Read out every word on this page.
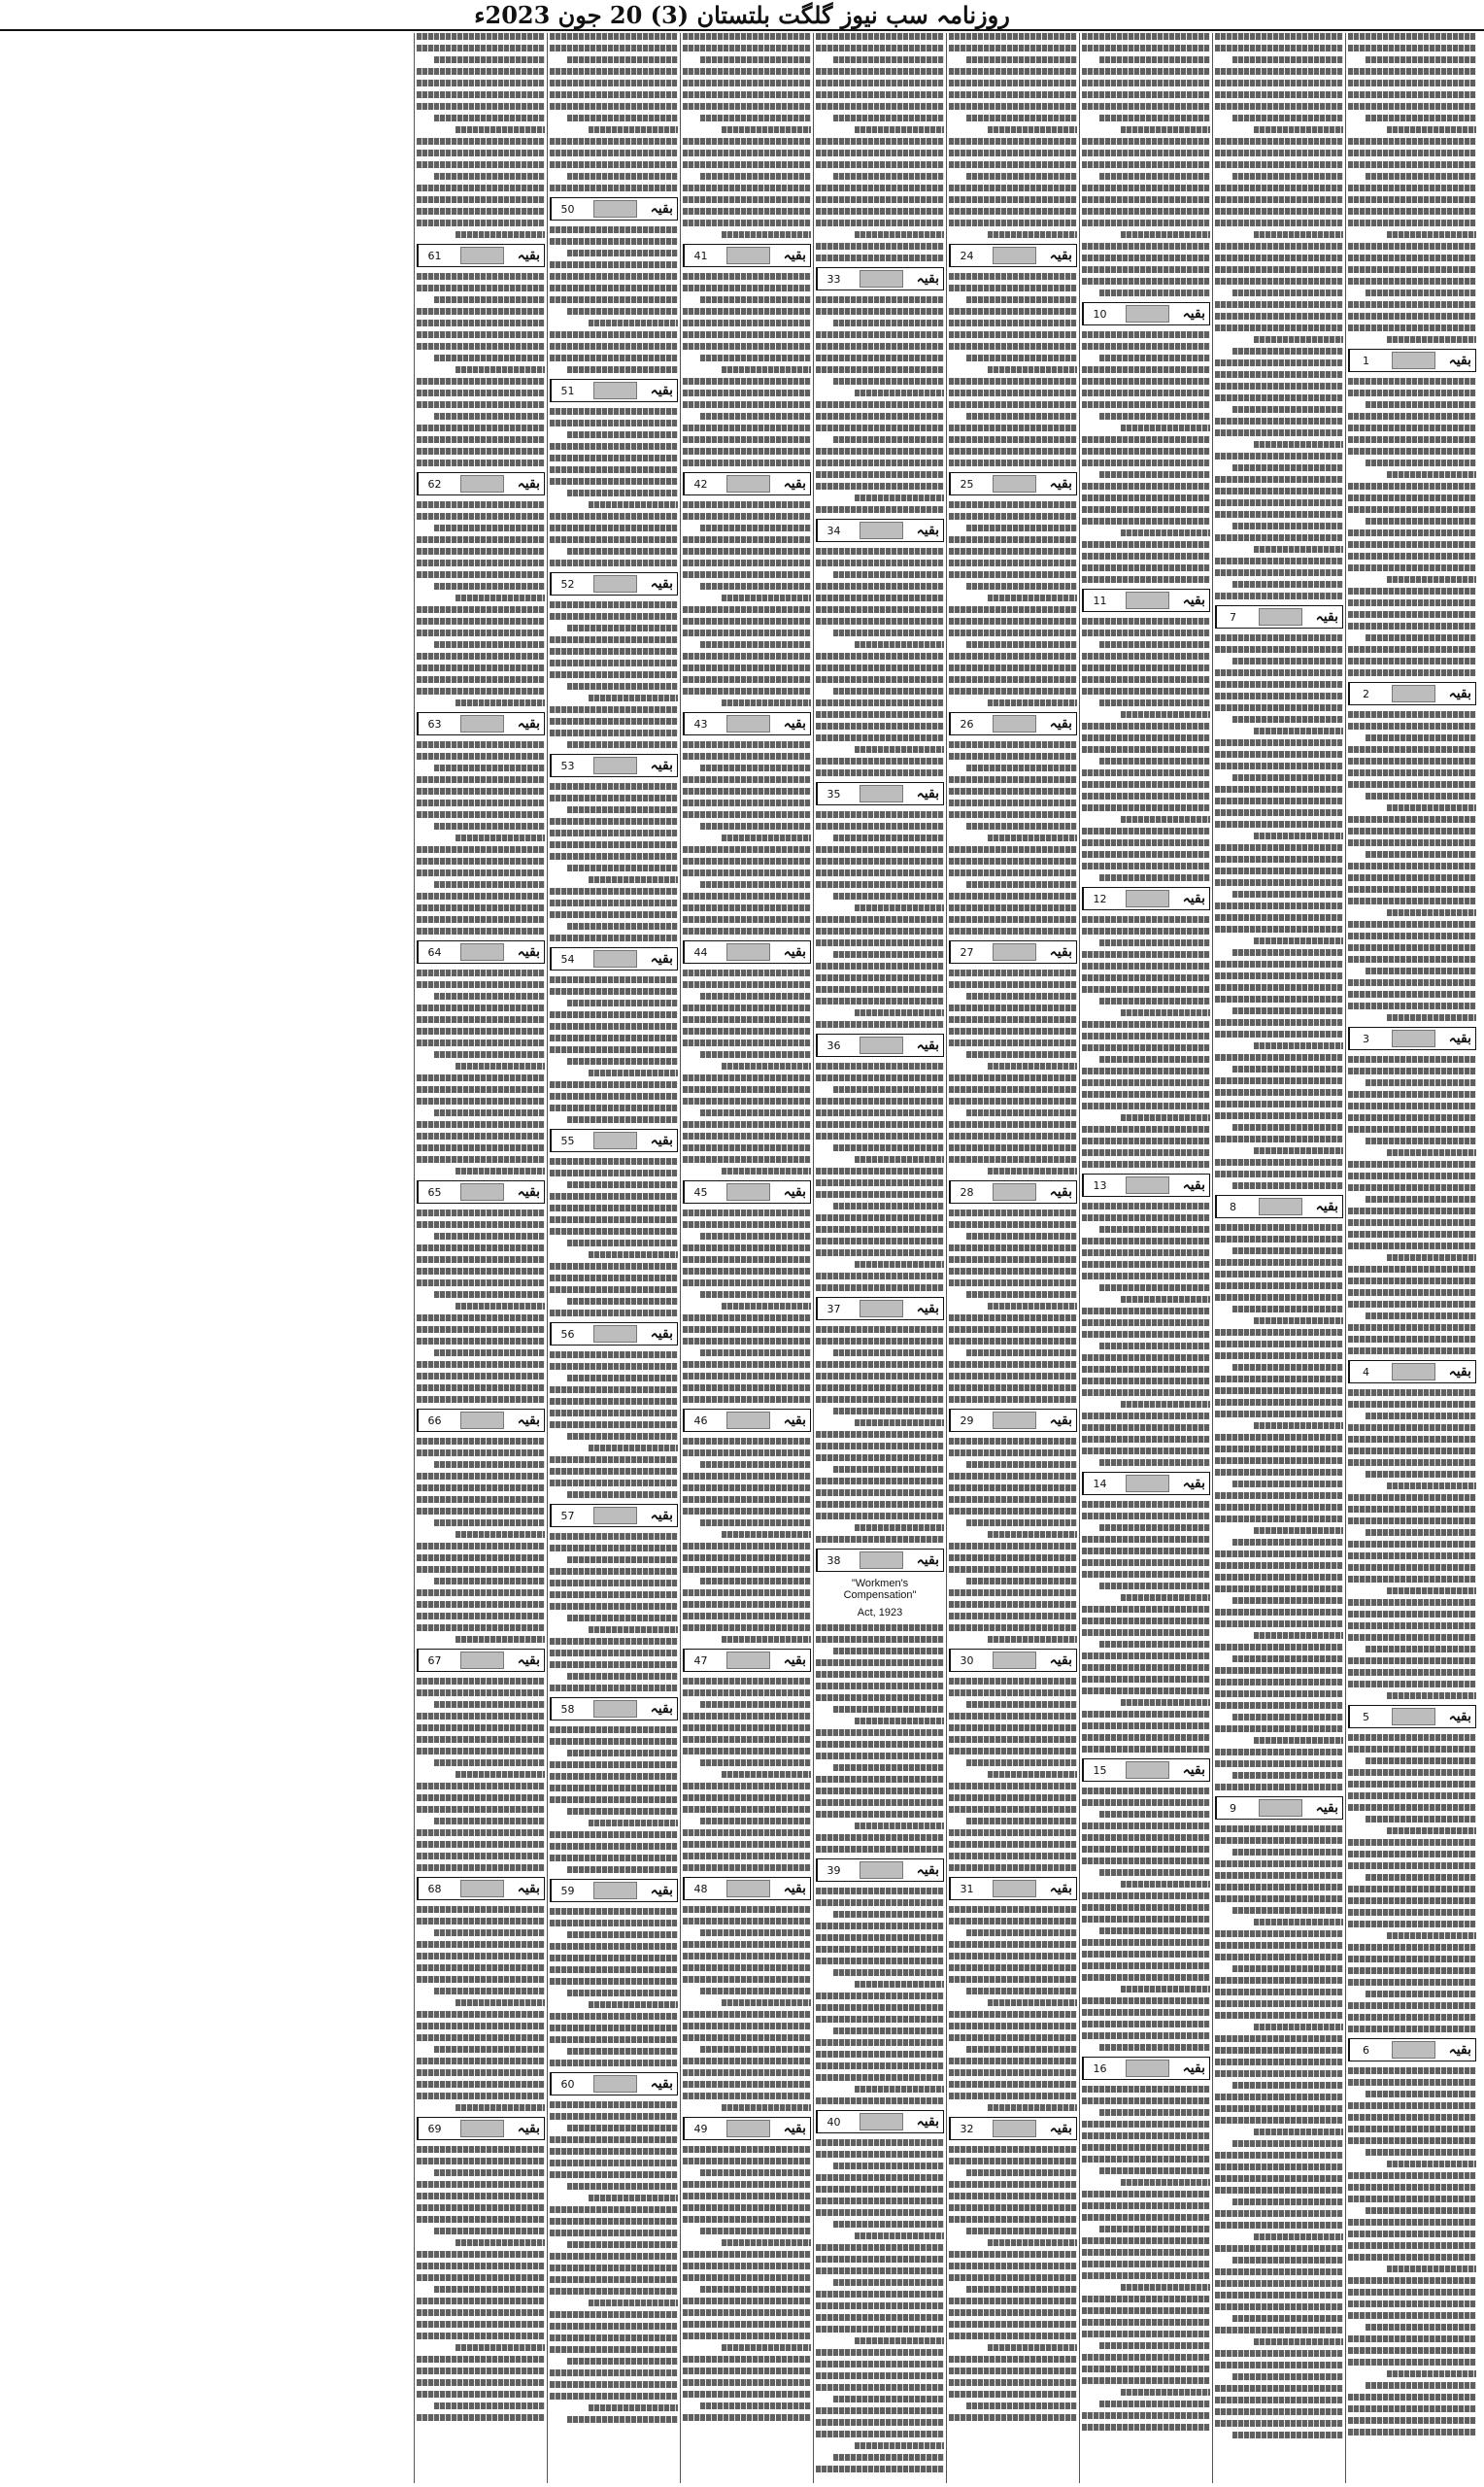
روزنامہ سب نیوز گلگت بلتستان (3) 20 جون 2023ء
بقیہ
1
بقیہ
2
بقیہ
3
بقیہ
4
بقیہ
5
بقیہ
6
بقیہ
7
بقیہ
8
بقیہ
9
بقیہ
10
بقیہ
11
بقیہ
12
بقیہ
13
بقیہ
14
بقیہ
15
بقیہ
16
بقیہ
24
بقیہ
25
بقیہ
26
بقیہ
27
بقیہ
28
بقیہ
29
بقیہ
30
بقیہ
31
بقیہ
32
بقیہ
33
بقیہ
34
بقیہ
35
بقیہ
36
بقیہ
37
بقیہ
38
"Workmen's Compensation"
Act, 1923
بقیہ
39
بقیہ
40
بقیہ
41
بقیہ
42
بقیہ
43
بقیہ
44
بقیہ
45
بقیہ
46
بقیہ
47
بقیہ
48
بقیہ
49
بقیہ
50
بقیہ
51
بقیہ
52
بقیہ
53
بقیہ
54
بقیہ
55
بقیہ
56
بقیہ
57
بقیہ
58
بقیہ
59
بقیہ
60
بقیہ
61
بقیہ
62
بقیہ
63
بقیہ
64
بقیہ
65
بقیہ
66
بقیہ
67
بقیہ
68
بقیہ
69
